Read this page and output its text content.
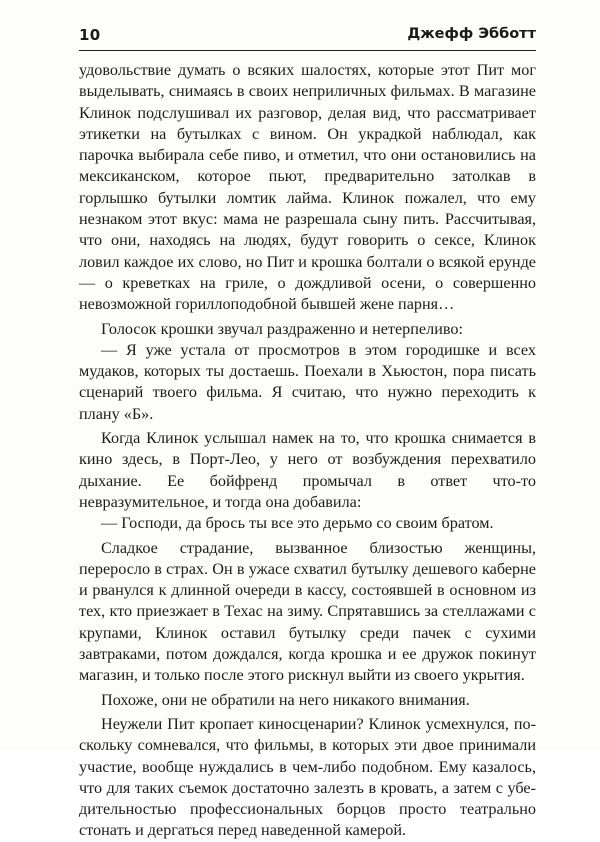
10	Джефф Эбботт

удовольствие думать о всяких шалостях, которые этот Пит мог выделывать, снимаясь в своих неприличных фильмах. В магазине Клинок подслушивал их разговор, делая вид, что рассматривает этикетки на бутылках с вином. Он украдкой наблюдал, как парочка выбирала себе пиво, и отметил, что они остановились на мексиканском, которое пьют, предварительно затолкав в горлышко бутылки ломтик лайма. Клинок пожалел, что ему незнаком этот вкус: мама не разрешала сыну пить. Рассчитывая, что они, находясь на людях, будут говорить о сексе, Клинок ловил каждое их слово, но Пит и крошка болтали о всякой ерунде — о креветках на гриле, о дождливой осени, о совершенно невозможной гориллоподобной бывшей жене парня…

Голосок крошки звучал раздраженно и нетерпеливо:

— Я уже устала от просмотров в этом городишке и всех мудаков, которых ты достаешь. Поехали в Хьюстон, пора писать сценарий твоего фильма. Я считаю, что нужно переходить к плану «Б».

Когда Клинок услышал намек на то, что крошка снимается в кино здесь, в Порт-Лео, у него от возбуждения перехватило дыхание. Ее бойфренд промычал в ответ что-то невразумительное, и тогда она добавила:

— Господи, да брось ты все это дерьмо со своим братом.

Сладкое страдание, вызванное близостью женщины, переросло в страх. Он в ужасе схватил бутылку дешевого каберне и рванулся к длинной очереди в кассу, состоявшей в основном из тех, кто приезжает в Техас на зиму. Спрятавшись за стеллажами с крупами, Клинок оставил бутылку среди пачек с сухими завтраками, потом дождался, когда крошка и ее дружок покинут магазин, и только после этого рискнул выйти из своего укрытия.

Похоже, они не обратили на него никакого внимания.

Неужели Пит кропает киносценарии? Клинок усмехнулся, поскольку сомневался, что фильмы, в которых эти двое принимали участие, вообще нуждались в чем-либо подобном. Ему казалось, что для таких съемок достаточно залезть в кровать, а затем с убедительностью профессиональных борцов просто театрально стонать и дергаться перед наведенной камерой.
